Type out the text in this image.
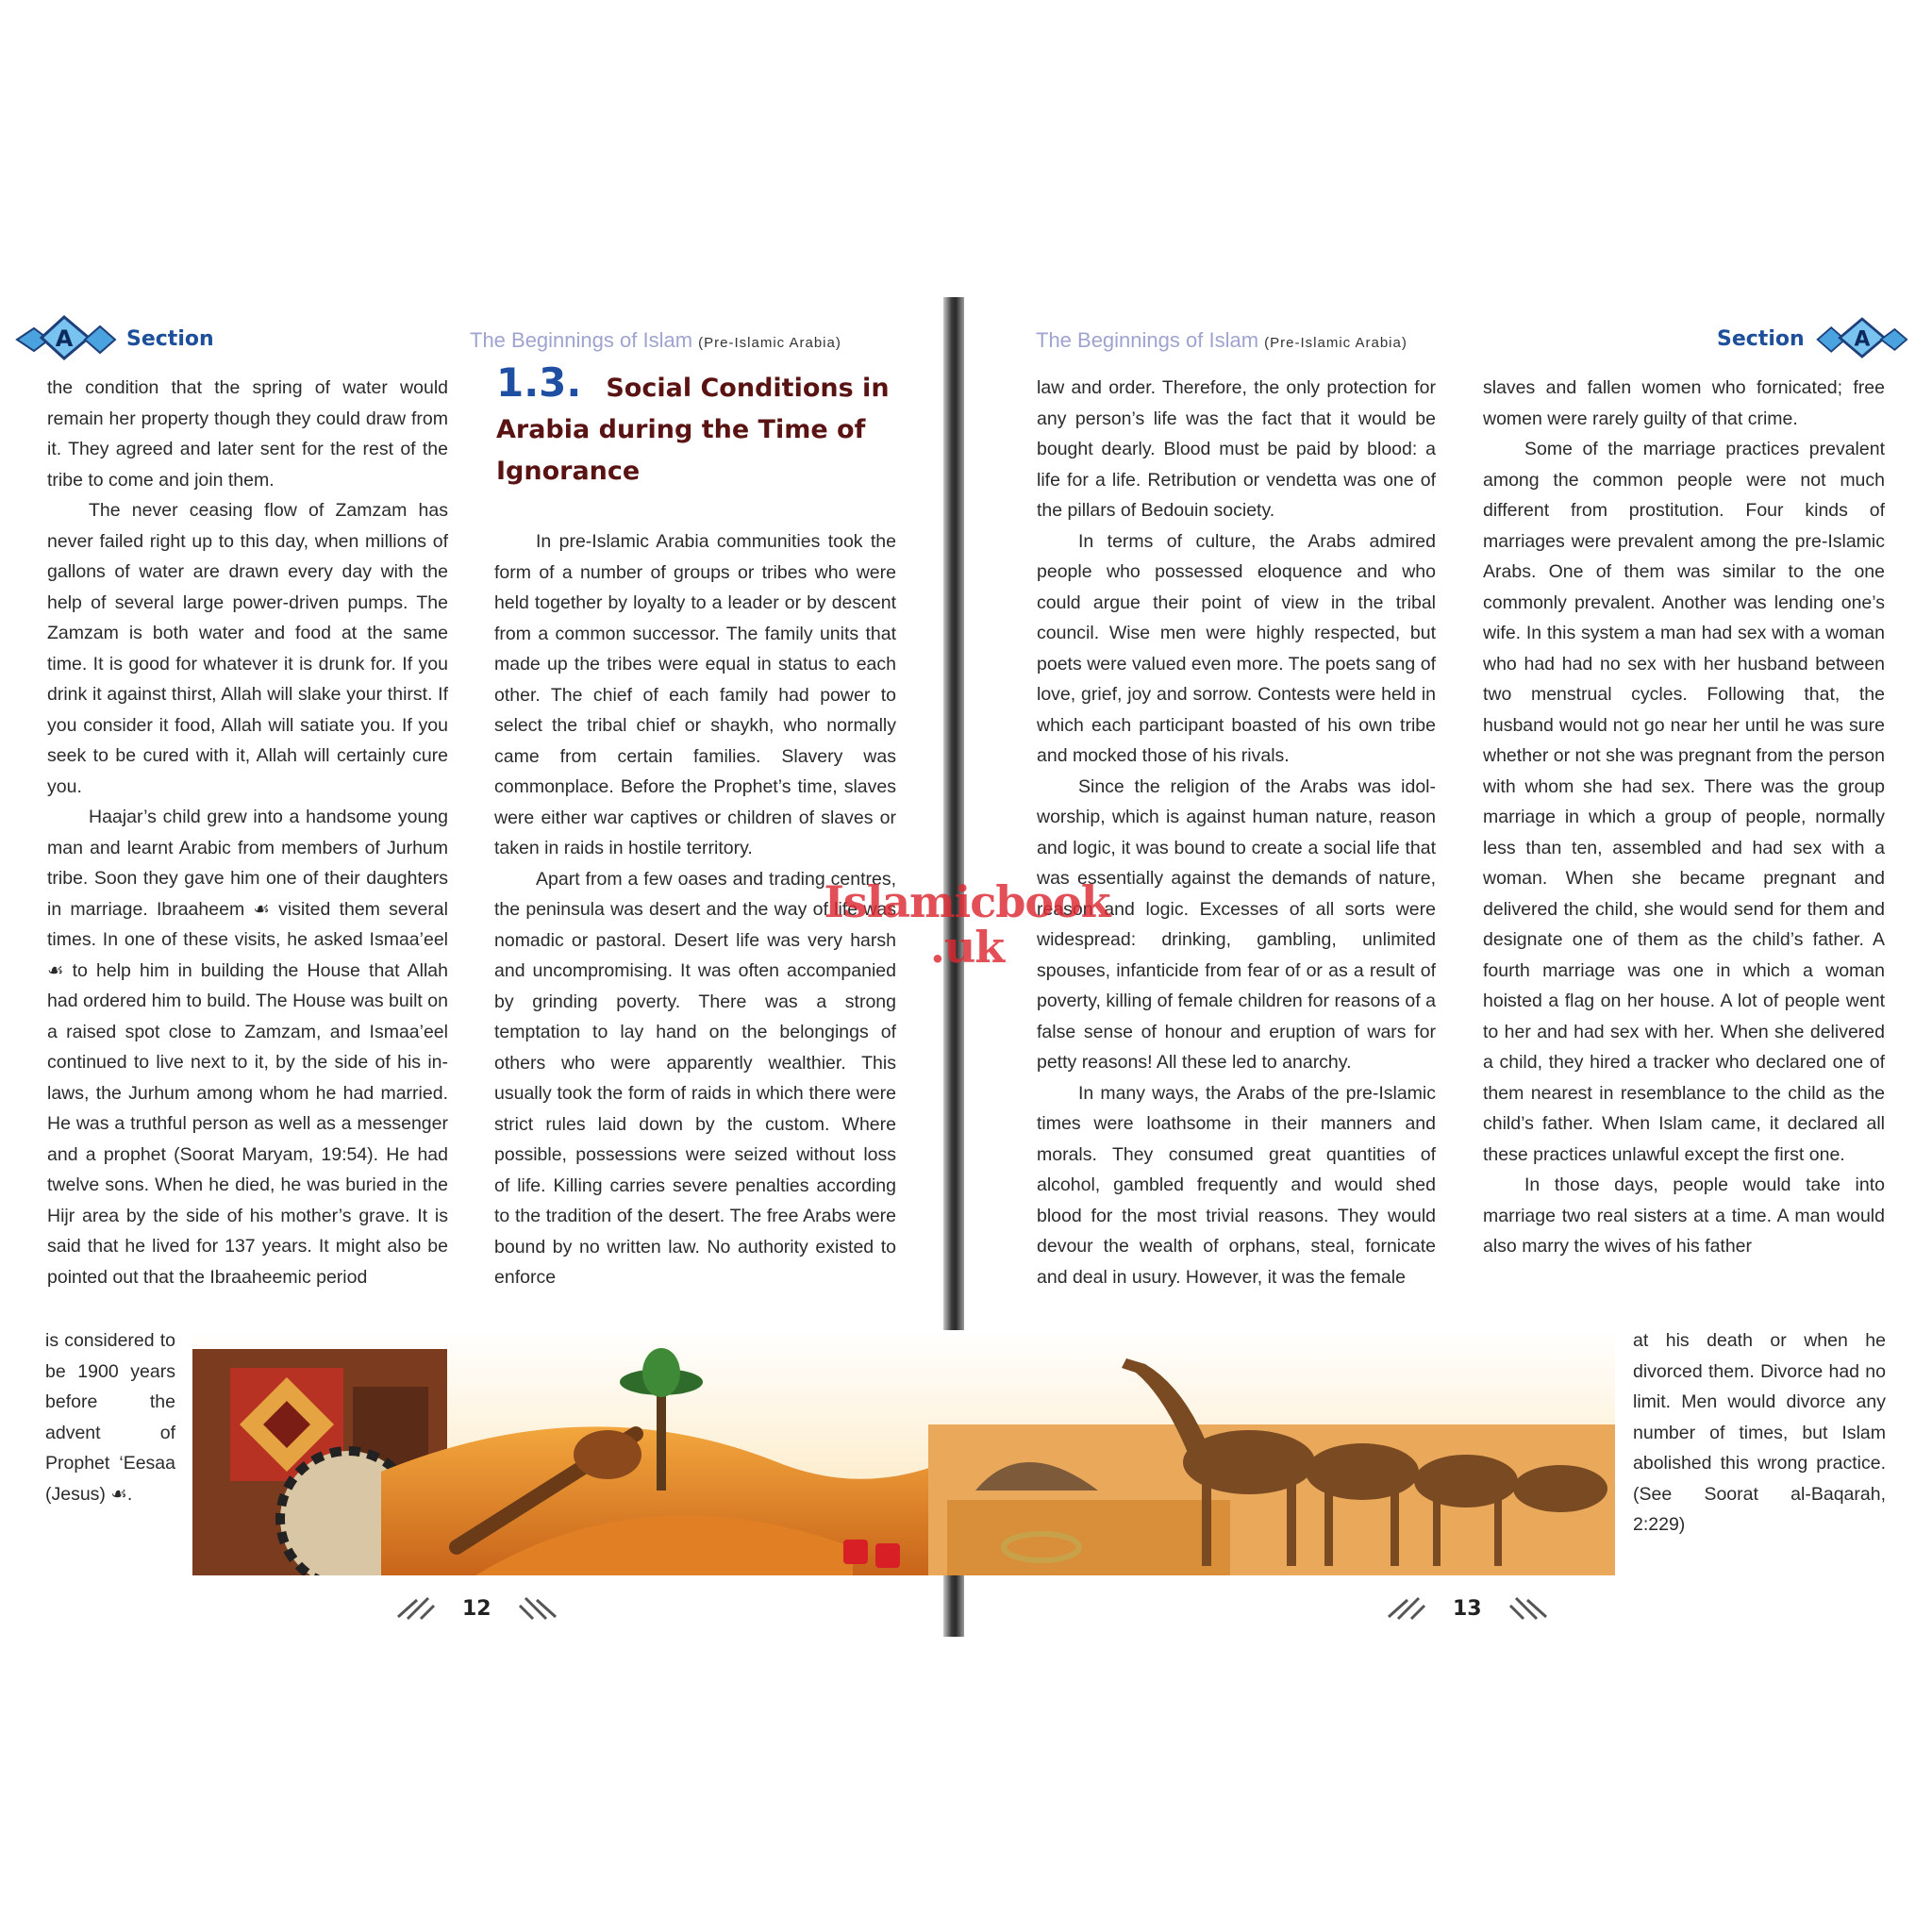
A	Section	The Beginnings of Islam (Pre-Islamic Arabia)	The Beginnings of Islam (Pre-Islamic Arabia)	Section A
1.3. Social Conditions in Arabia during the Time of Ignorance

the condition that the spring of water would remain her property though they could draw from it. They agreed and later sent for the rest of the tribe to come and join them.

The never ceasing flow of Zamzam has never failed right up to this day, when millions of gallons of water are drawn every day with the help of several large power-driven pumps. The Zamzam is both water and food at the same time. It is good for whatever it is drunk for. If you drink it against thirst, Allah will slake your thirst. If you consider it food, Allah will satiate you. If you seek to be cured with it, Allah will certainly cure you.

Haajar’s child grew into a handsome young man and learnt Arabic from members of Jurhum tribe. Soon they gave him one of their daughters in marriage. Ibraaheem ☙ visited them several times. In one of these visits, he asked Ismaa’eel ☙ to help him in building the House that Allah had ordered him to build. The House was built on a raised spot close to Zamzam, and Ismaa’eel continued to live next to it, by the side of his in-laws, the Jurhum among whom he had married. He was a truthful person as well as a messenger and a prophet (Soorat Maryam, 19:54). He had twelve sons. When he died, he was buried in the Hijr area by the side of his mother’s grave. It is said that he lived for 137 years. It might also be pointed out that the Ibraaheemic period

is considered to be 1900 years before the advent of Prophet ‘Eesaa (Jesus) ☙.

In pre-Islamic Arabia communities took the form of a number of groups or tribes who were held together by loyalty to a leader or by descent from a common successor. The family units that made up the tribes were equal in status to each other. The chief of each family had power to select the tribal chief or shaykh, who normally came from certain families. Slavery was commonplace. Before the Prophet’s time, slaves were either war captives or children of slaves or taken in raids in hostile territory.

Apart from a few oases and trading centres, the peninsula was desert and the way of life was nomadic or pastoral. Desert life was very harsh and uncompromising. It was often accompanied by grinding poverty. There was a strong temptation to lay hand on the belongings of others who were apparently wealthier. This usually took the form of raids in which there were strict rules laid down by the custom. Where possible, possessions were seized without loss of life. Killing carries severe penalties according to the tradition of the desert. The free Arabs were bound by no written law. No authority existed to enforce

law and order. Therefore, the only protection for any person’s life was the fact that it would be bought dearly. Blood must be paid by blood: a life for a life. Retribution or vendetta was one of the pillars of Bedouin society.

In terms of culture, the Arabs admired people who possessed eloquence and who could argue their point of view in the tribal council. Wise men were highly respected, but poets were valued even more. The poets sang of love, grief, joy and sorrow. Contests were held in which each participant boasted of his own tribe and mocked those of his rivals.

Since the religion of the Arabs was idol-worship, which is against human nature, reason and logic, it was bound to create a social life that was essentially against the demands of nature, reason and logic. Excesses of all sorts were widespread: drinking, gambling, unlimited spouses, infanticide from fear of or as a result of poverty, killing of female children for reasons of a false sense of honour and eruption of wars for petty reasons! All these led to anarchy.

In many ways, the Arabs of the pre-Islamic times were loathsome in their manners and morals. They consumed great quantities of alcohol, gambled frequently and would shed blood for the most trivial reasons. They would devour the wealth of orphans, steal, fornicate and deal in usury. However, it was the female

slaves and fallen women who fornicated; free women were rarely guilty of that crime.

Some of the marriage practices prevalent among the common people were not much different from prostitution. Four kinds of marriages were prevalent among the pre-Islamic Arabs. One of them was similar to the one commonly prevalent. Another was lending one’s wife. In this system a man had sex with a woman who had had no sex with her husband between two menstrual cycles. Following that, the husband would not go near her until he was sure whether or not she was pregnant from the person with whom she had sex. There was the group marriage in which a group of people, normally less than ten, assembled and had sex with a woman. When she became pregnant and delivered the child, she would send for them and designate one of them as the child’s father. A fourth marriage was one in which a woman hoisted a flag on her house. A lot of people went to her and had sex with her. When she delivered a child, they hired a tracker who declared one of them nearest in resemblance to the child as the child’s father. When Islam came, it declared all these practices unlawful except the first one.

In those days, people would take into marriage two real sisters at a time. A man would also marry the wives of his father

at his death or when he divorced them. Divorce had no limit. Men would divorce any number of times, but Islam abolished this wrong practice. (See Soorat al-Baqarah, 2:229)
12	13
Islamicbook
.uk
